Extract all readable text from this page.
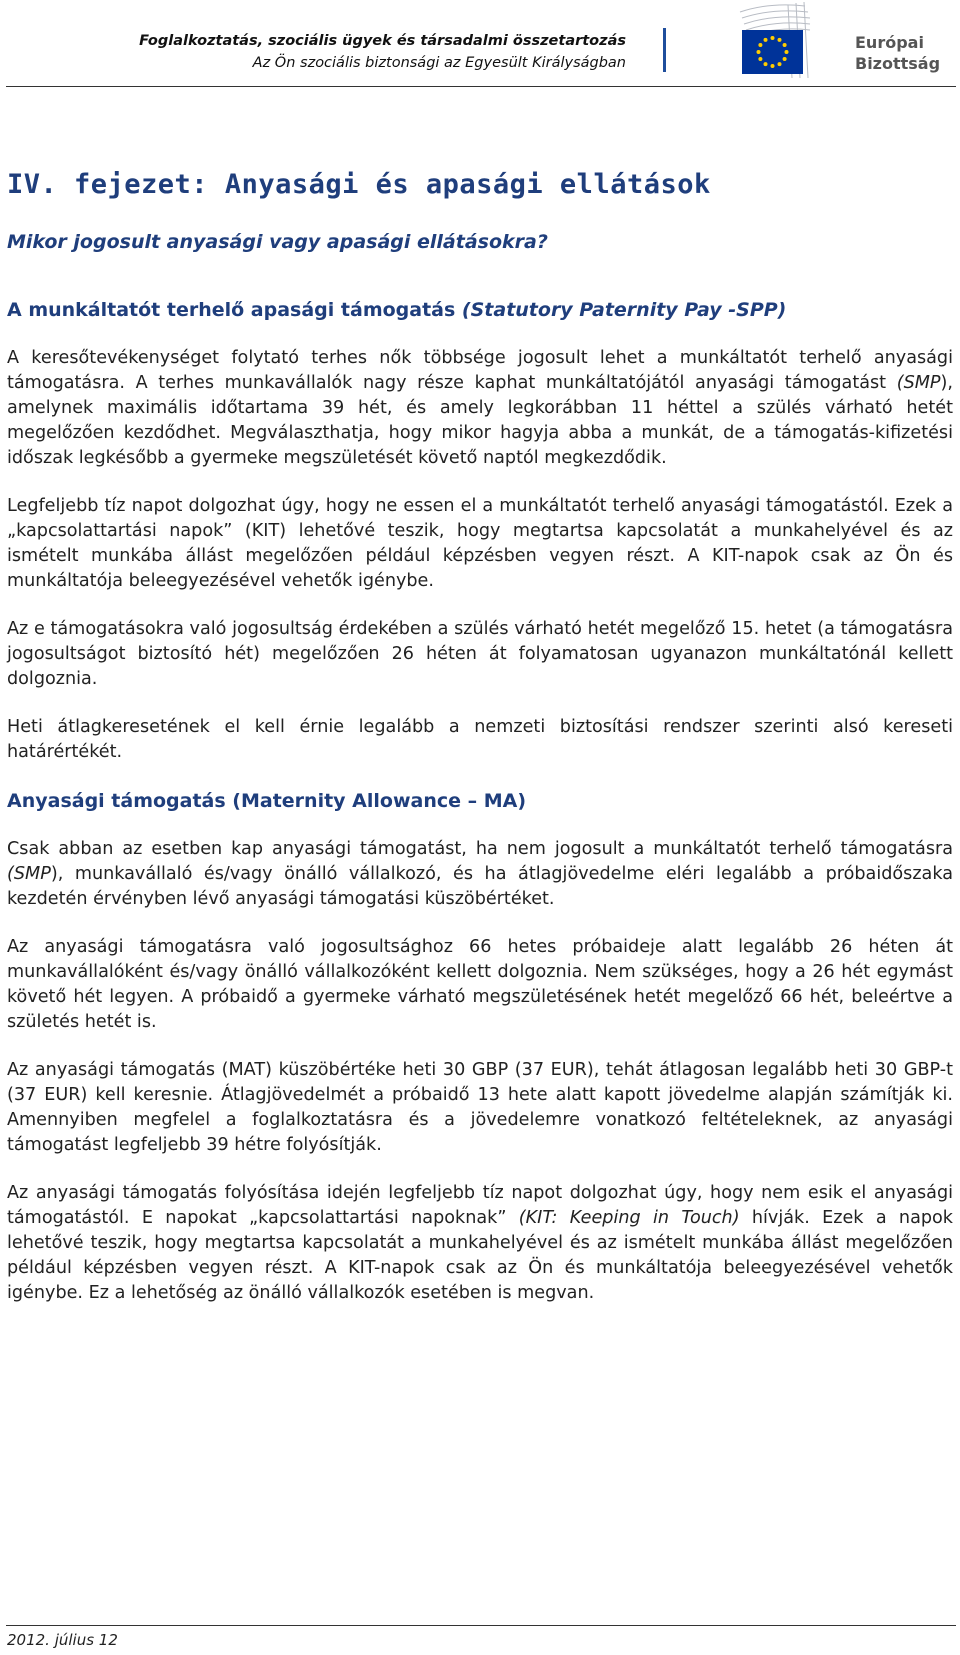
Foglalkoztatás, szociális ügyek és társadalmi összetartozás
Az Ön szociális biztonsági az Egyesült Királyságban
Európai
Bizottság
IV. fejezet: Anyasági és apasági ellátások
Mikor jogosult anyasági vagy apasági ellátásokra?
A munkáltatót terhelő apasági támogatás (Statutory Paternity Pay -SPP)

A keresőtevékenységet folytató terhes nők többsége jogosult lehet a munkáltatót terhelő anyasági támogatásra. A terhes munkavállalók nagy része kaphat munkáltatójától anyasági támogatást (SMP), amelynek maximális időtartama 39 hét, és amely legkorábban 11 héttel a szülés várható hetét megelőzően kezdődhet. Megválaszthatja, hogy mikor hagyja abba a munkát, de a támogatás-kifizetési időszak legkésőbb a gyermeke megszületését követő naptól megkezdődik.

Legfeljebb tíz napot dolgozhat úgy, hogy ne essen el a munkáltatót terhelő anyasági támogatástól. Ezek a „kapcsolattartási napok” (KIT) lehetővé teszik, hogy megtartsa kapcsolatát a munkahelyével és az ismételt munkába állást megelőzően például képzésben vegyen részt. A KIT-napok csak az Ön és munkáltatója beleegyezésével vehetők igénybe.

Az e támogatásokra való jogosultság érdekében a szülés várható hetét megelőző 15. hetet (a támogatásra jogosultságot biztosító hét) megelőzően 26 héten át folyamatosan ugyanazon munkáltatónál kellett dolgoznia.

Heti átlagkeresetének el kell érnie legalább a nemzeti biztosítási rendszer szerinti alsó kereseti határértékét.

Anyasági támogatás (Maternity Allowance – MA)

Csak abban az esetben kap anyasági támogatást, ha nem jogosult a munkáltatót terhelő támogatásra (SMP), munkavállaló és/vagy önálló vállalkozó, és ha átlagjövedelme eléri legalább a próbaidőszaka kezdetén érvényben lévő anyasági támogatási küszöbértéket.

Az anyasági támogatásra való jogosultsághoz 66 hetes próbaideje alatt legalább 26 héten át munkavállalóként és/vagy önálló vállalkozóként kellett dolgoznia. Nem szükséges, hogy a 26 hét egymást követő hét legyen. A próbaidő a gyermeke várható megszületésének hetét megelőző 66 hét, beleértve a születés hetét is.

Az anyasági támogatás (MAT) küszöbértéke heti 30 GBP (37 EUR), tehát átlagosan legalább heti 30 GBP-t (37 EUR) kell keresnie. Átlagjövedelmét a próbaidő 13 hete alatt kapott jövedelme alapján számítják ki. Amennyiben megfelel a foglalkoztatásra és a jövedelemre vonatkozó feltételeknek, az anyasági támogatást legfeljebb 39 hétre folyósítják.

Az anyasági támogatás folyósítása idején legfeljebb tíz napot dolgozhat úgy, hogy nem esik el anyasági támogatástól. E napokat „kapcsolattartási napoknak” (KIT: Keeping in Touch) hívják. Ezek a napok lehetővé teszik, hogy megtartsa kapcsolatát a munkahelyével és az ismételt munkába állást megelőzően például képzésben vegyen részt. A KIT-napok csak az Ön és munkáltatója beleegyezésével vehetők igénybe. Ez a lehetőség az önálló vállalkozók esetében is megvan.

2012. július 12
